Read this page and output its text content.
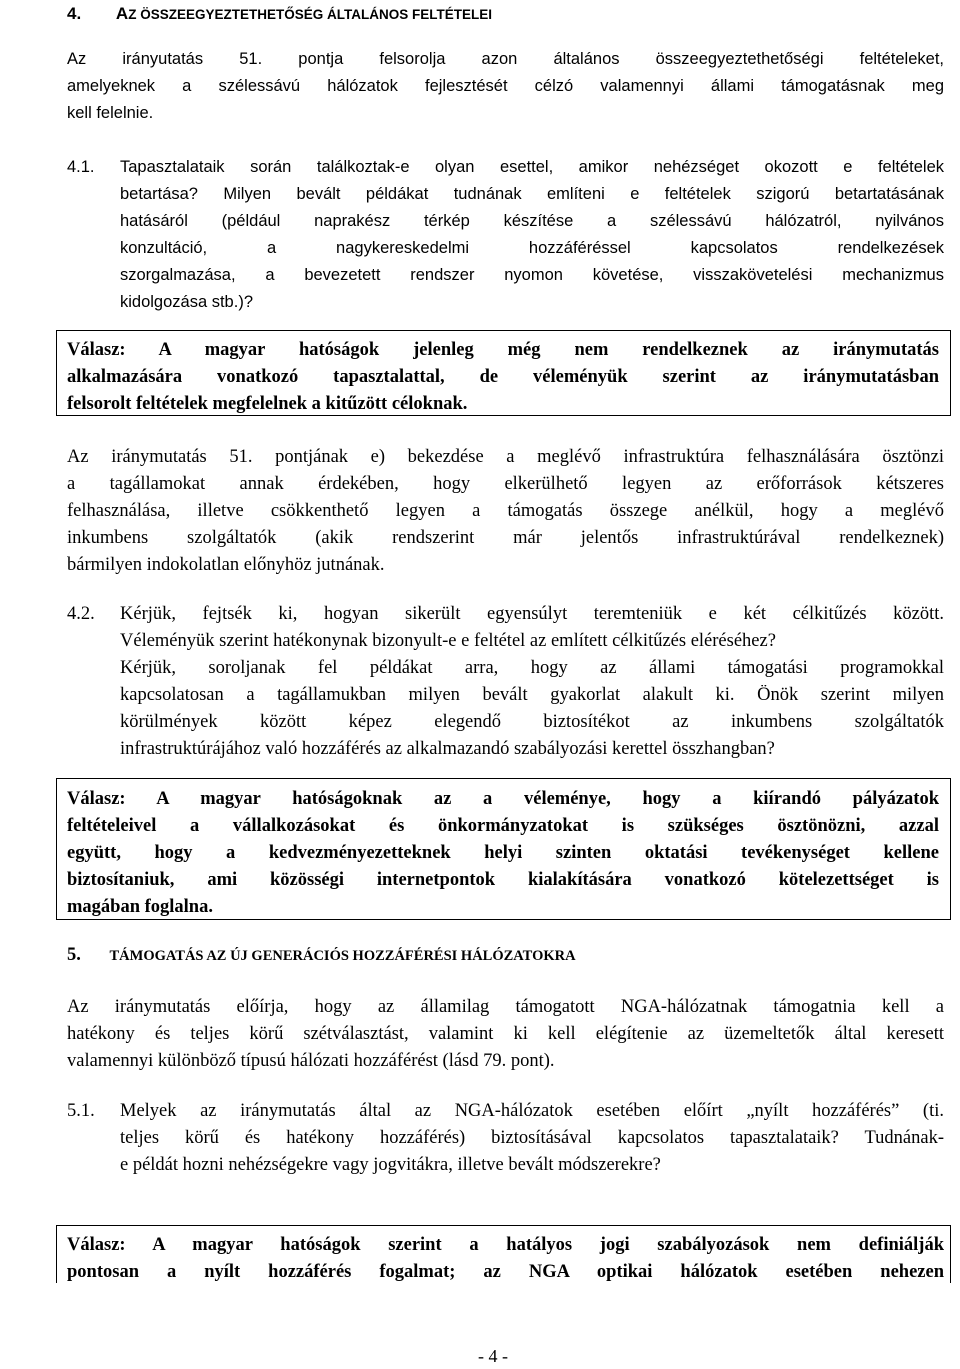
4. AZ ÖSSZEEGYEZTETHETŐSÉG ÁLTALÁNOS FELTÉTELEI
Az irányutatás 51. pontja felsorolja azon általános összeegyeztethetőségi feltételeket,
amelyeknek a szélessávú hálózatok fejlesztését célzó valamennyi állami támogatásnak meg
kell felelnie.
4.1. Tapasztalataik során találkoztak-e olyan esettel, amikor nehézséget okozott e feltételek
betartása? Milyen bevált példákat tudnának említeni e feltételek szigorú betartatásának
hatásáról (például naprakész térkép készítése a szélessávú hálózatról, nyilvános
konzultáció, a nagykereskedelmi hozzáféréssel kapcsolatos rendelkezések
szorgalmazása, a bevezetett rendszer nyomon követése, visszakövetelési mechanizmus
kidolgozása stb.)?
Válasz: A magyar hatóságok jelenleg még nem rendelkeznek az iránymutatás
alkalmazására vonatkozó tapasztalattal, de véleményük szerint az iránymutatásban
felsorolt feltételek megfelelnek a kitűzött céloknak.
Az iránymutatás 51. pontjának e) bekezdése a meglévő infrastruktúra felhasználására ösztönzi
a tagállamokat annak érdekében, hogy elkerülhető legyen az erőforrások kétszeres
felhasználása, illetve csökkenthető legyen a támogatás összege anélkül, hogy a meglévő
inkumbens szolgáltatók (akik rendszerint már jelentős infrastruktúrával rendelkeznek)
bármilyen indokolatlan előnyhöz jutnának.
4.2. Kérjük, fejtsék ki, hogyan sikerült egyensúlyt teremteniük e két célkitűzés között.
Véleményük szerint hatékonynak bizonyult-e e feltétel az említett célkitűzés eléréséhez?
Kérjük, soroljanak fel példákat arra, hogy az állami támogatási programokkal
kapcsolatosan a tagállamukban milyen bevált gyakorlat alakult ki. Önök szerint milyen
körülmények között képez elegendő biztosítékot az inkumbens szolgáltatók
infrastruktúrájához való hozzáférés az alkalmazandó szabályozási kerettel összhangban?
Válasz: A magyar hatóságoknak az a véleménye, hogy a kiírandó pályázatok
feltételeivel a vállalkozásokat és önkormányzatokat is szükséges ösztönözni, azzal
együtt, hogy a kedvezményezetteknek helyi szinten oktatási tevékenységet kellene
biztosítaniuk, ami közösségi internetpontok kialakítására vonatkozó kötelezettséget is
magában foglalna.
5. TÁMOGATÁS AZ ÚJ GENERÁCIÓS HOZZÁFÉRÉSI HÁLÓZATOKRA
Az iránymutatás előírja, hogy az államilag támogatott NGA-hálózatnak támogatnia kell a
hatékony és teljes körű szétválasztást, valamint ki kell elégítenie az üzemeltetők által keresett
valamennyi különböző típusú hálózati hozzáférést (lásd 79. pont).
5.1. Melyek az iránymutatás által az NGA-hálózatok esetében előírt „nyílt hozzáférés” (ti.
teljes körű és hatékony hozzáférés) biztosításával kapcsolatos tapasztalataik? Tudnának-
e példát hozni nehézségekre vagy jogvitákra, illetve bevált módszerekre?
Válasz: A magyar hatóságok szerint a hatályos jogi szabályozások nem definiálják
pontosan a nyílt hozzáférés fogalmat; az NGA optikai hálózatok esetében nehezen
- 4 -
